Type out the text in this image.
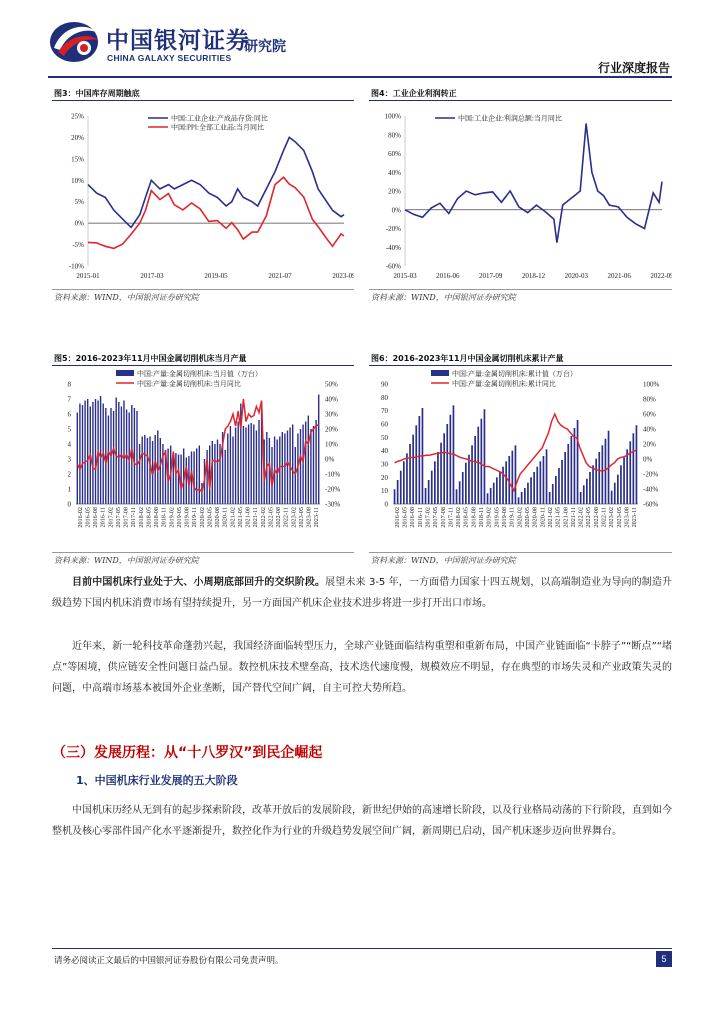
中国银河证券
CHINA GALAXY SECURITIES
研究院
行业深度报告
图3：中国库存周期触底
25%
20%
15%
10%
5%
0%
-5%
-10%
2015-01	2017-03	2019-05	2021-07	2023-09
中国:工业企业:产成品存货:同比
中国:PPI:全部工业品:当月同比
资料来源：WIND，中国银河证券研究院
图4：工业企业利润转正
100%
80%
60%
40%
20%
0%
-20%
-40%
-60%
2015-03	2016-06	2017-09	2018-12	2020-03	2021-06	2022-09
中国:工业企业:利润总额:当月同比
资料来源：WIND，中国银河证券研究院
图5：2016-2023年11月中国金属切削机床当月产量
8
7
6
5
4
3
2
1
0
50%
40%
30%
20%
10%
0%
-10%
-20%
-30%
2016-02 2016-05 2016-08 2016-11 2017-02 2017-05 2017-08 2017-11 2018-02 2018-05 2018-08 2018-11 2019-02 2019-05 2019-08 2019-11 2020-02 2020-05 2020-08 2020-11 2021-02 2021-05 2021-08 2021-11 2022-02 2022-05 2022-08 2022-11 2023-02 2023-05 2023-08 2023-11
中国:产量:金属切削机床:当月值（万台）
中国:产量:金属切削机床:当月同比
资料来源：WIND，中国银河证券研究院
图6：2016-2023年11月中国金属切削机床累计产量
90
80
70
60
50
40
30
20
10
0
100%
80%
60%
40%
20%
0%
-20%
-40%
-60%
2016-02 2016-05 2016-08 2016-11 2017-02 2017-05 2017-08 2017-11 2018-02 2018-05 2018-08 2018-11 2019-02 2019-05 2019-08 2019-11 2020-02 2020-05 2020-08 2020-11 2021-02 2021-05 2021-08 2021-11 2022-02 2022-05 2022-08 2022-11 2023-02 2023-05 2023-08 2023-11
中国:产量:金属切削机床:累计值（万台）
中国:产量:金属切削机床:累计同比
资料来源：WIND，中国银河证券研究院
目前中国机床行业处于大、小周期底部回升的交织阶段。展望未来 3-5 年，一方面借力国家十四五规划，以高端制造业为导向的制造升级趋势下国内机床消费市场有望持续提升，另一方面国产机床企业技术进步将进一步打开出口市场。
近年来，新一轮科技革命蓬勃兴起，我国经济面临转型压力，全球产业链面临结构重塑和重新布局，中国产业链面临“卡脖子”“断点”“堵点”等困境，供应链安全性问题日益凸显。数控机床技术壁垒高，技术迭代速度慢，规模效应不明显，存在典型的市场失灵和产业政策失灵的问题，中高端市场基本被国外企业垄断，国产替代空间广阔，自主可控大势所趋。
（三）发展历程：从“十八罗汉”到民企崛起
1、中国机床行业发展的五大阶段
中国机床历经从无到有的起步探索阶段，改革开放后的发展阶段，新世纪伊始的高速增长阶段，以及行业格局动荡的下行阶段，直到如今整机及核心零部件国产化水平逐渐提升，数控化作为行业的升级趋势发展空间广阔，新周期已启动，国产机床逐步迈向世界舞台。
请务必阅读正文最后的中国银河证券股份有限公司免责声明。	5
